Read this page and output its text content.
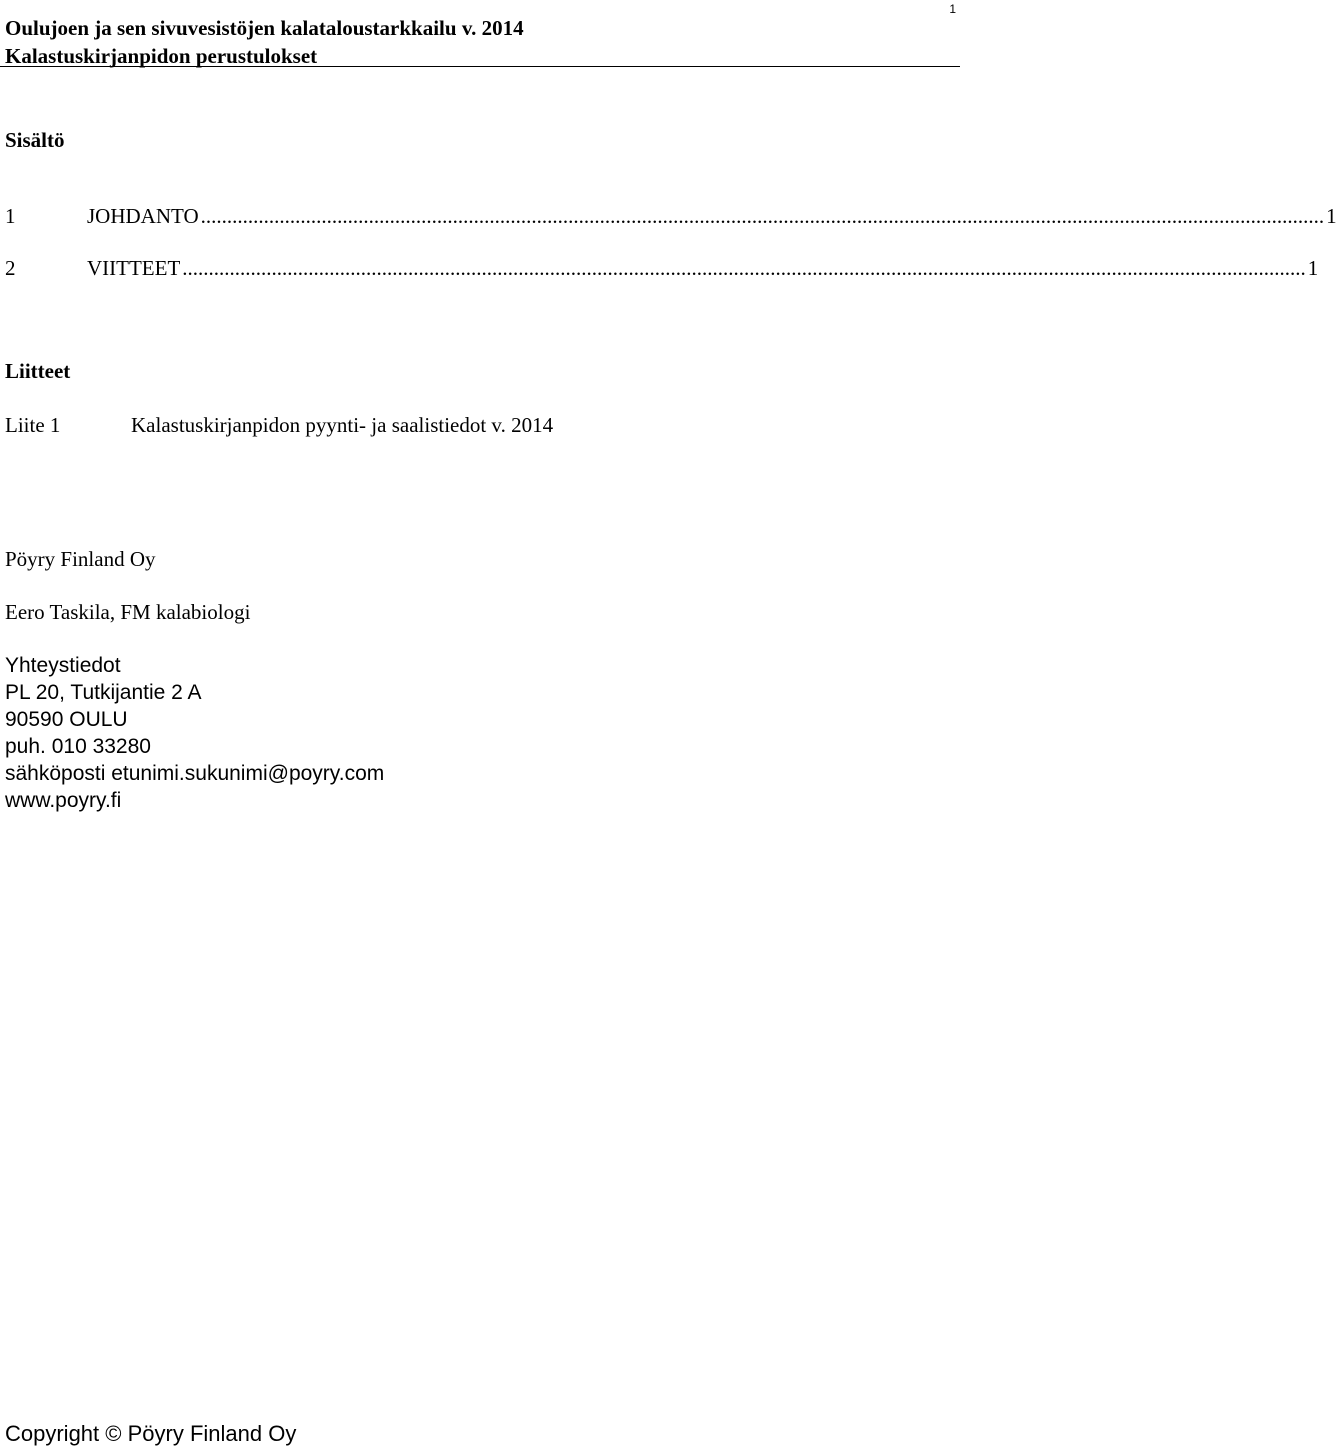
Oulujoen ja sen sivuvesistöjen kalataloustarkkailu v. 2014
Kalastuskirjanpidon perustulokset
1
Sisältö
1	JOHDANTO ...................................................................................................................................................................................................................... 1
2	VIITTEET ...................................................................................................................................................................................................................... 1
Liitteet
Liite 1	Kalastuskirjanpidon pyynti- ja saalistiedot v. 2014
Pöyry Finland Oy
Eero Taskila, FM kalabiologi
Yhteystiedot
PL 20, Tutkijantie 2 A
90590 OULU
puh. 010 33280
sähköposti etunimi.sukunimi@poyry.com
www.poyry.fi
Copyright © Pöyry Finland Oy
